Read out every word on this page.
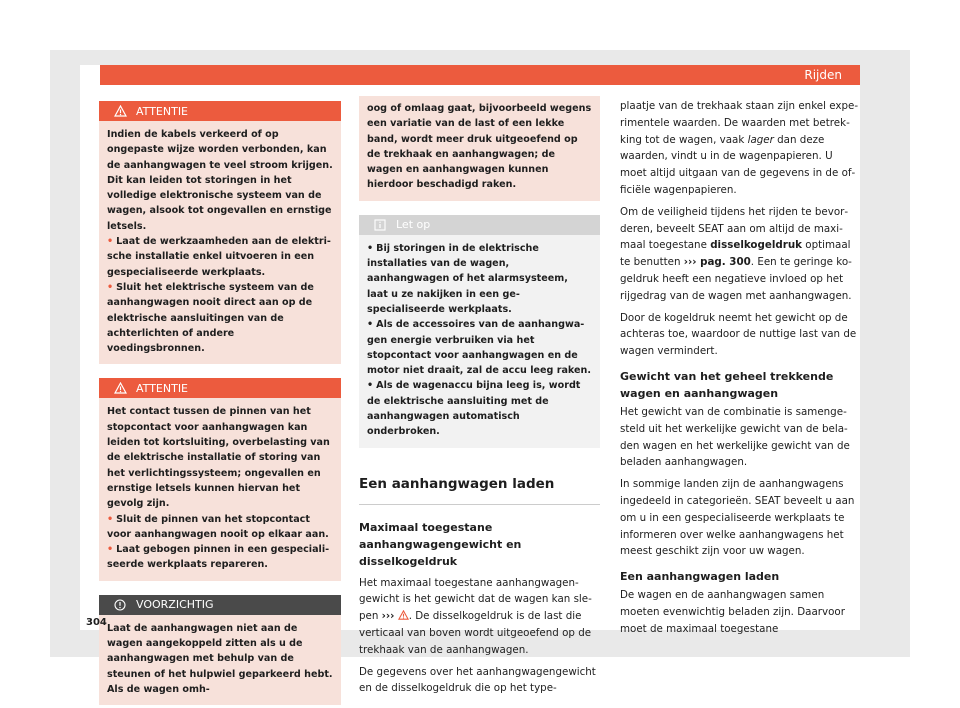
Rijden
ATTENTIE

Indien de kabels verkeerd of op ongepaste wijze worden verbonden, kan de aanhangwagen te veel stroom krijgen. Dit kan leiden tot storingen in het volledige elektronische systeem van de wagen, alsook tot ongevallen en ernstige letsels.

• Laat de werkzaamheden aan de elektrische installatie enkel uitvoeren in een gespecialiseerde werkplaats.

• Sluit het elektrische systeem van de aanhangwagen nooit direct aan op de elektrische aansluitingen van de achterlichten of andere voedingsbronnen.

ATTENTIE

Het contact tussen de pinnen van het stopcontact voor aanhangwagen kan leiden tot kortsluiting, overbelasting van de elektrische installatie of storing van het verlichtingssysteem; ongevallen en ernstige letsels kunnen hiervan het gevolg zijn.

• Sluit de pinnen van het stopcontact voor aanhangwagen nooit op elkaar aan.

• Laat gebogen pinnen in een gespecialiseerde werkplaats repareren.

VOORZICHTIG

Laat de aanhangwagen niet aan de wagen aangekoppeld zitten als u de aanhangwagen met behulp van de steunen of het hulpwiel geparkeerd hebt. Als de wagen omh-

oog of omlaag gaat, bijvoorbeeld wegens een variatie van de last of een lekke band, wordt meer druk uitgeoefend op de trekhaak en aanhangwagen; de wagen en aanhangwagen kunnen hierdoor beschadigd raken.

Let op

• Bij storingen in de elektrische installaties van de wagen, aanhangwagen of het alarmsysteem, laat u ze nakijken in een gespecialiseerde werkplaats.

• Als de accessoires van de aanhangwagen energie verbruiken via het stopcontact voor aanhangwagen en de motor niet draait, zal de accu leeg raken.

• Als de wagenaccu bijna leeg is, wordt de elektrische aansluiting met de aanhangwagen automatisch onderbroken.

Een aanhangwagen laden
Maximaal toegestane aanhangwagengewicht en disselkogeldruk

Het maximaal toegestane aanhangwagengewicht is het gewicht dat de wagen kan slepen ››› . De disselkogeldruk is de last die verticaal van boven wordt uitgeoefend op de trekhaak van de aanhangwagen.

De gegevens over het aanhangwagengewicht en de disselkogeldruk die op het type-

plaatje van de trekhaak staan zijn enkel experimentele waarden. De waarden met betrekking tot de wagen, vaak lager dan deze waarden, vindt u in de wagenpapieren. U moet altijd uitgaan van de gegevens in de officiële wagenpapieren.

Om de veiligheid tijdens het rijden te bevorderen, beveelt SEAT aan om altijd de maximaal toegestane disselkogeldruk optimaal te benutten ››› pag. 300. Een te geringe kogeldruk heeft een negatieve invloed op het rijgedrag van de wagen met aanhangwagen.

Door de kogeldruk neemt het gewicht op de achteras toe, waardoor de nuttige last van de wagen vermindert.

Gewicht van het geheel trekkende wagen en aanhangwagen

Het gewicht van de combinatie is samengesteld uit het werkelijke gewicht van de beladen wagen en het werkelijke gewicht van de beladen aanhangwagen.

In sommige landen zijn de aanhangwagens ingedeeld in categorieën. SEAT beveelt u aan om u in een gespecialiseerde werkplaats te informeren over welke aanhangwagens het meest geschikt zijn voor uw wagen.

Een aanhangwagen laden

De wagen en de aanhangwagen samen moeten evenwichtig beladen zijn. Daarvoor moet de maximaal toegestane

304
